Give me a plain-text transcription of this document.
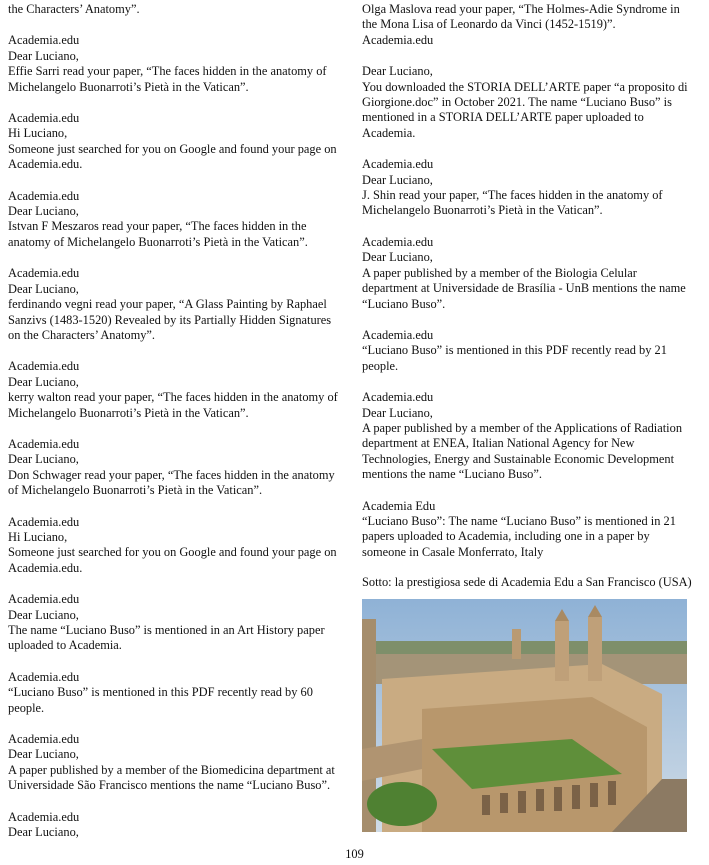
the Characters’ Anatomy”.

Academia.edu

Dear Luciano,

Effie Sarri read your paper, “The faces hidden in the anatomy of Michelangelo Buonarroti’s Pietà in the Vatican”.

Academia.edu

Hi Luciano,

Someone just searched for you on Google and found your page on Academia.edu.

Academia.edu

Dear Luciano,

Istvan F Meszaros read your paper, “The faces hidden in the anatomy of Michelangelo Buonarroti’s Pietà in the Vatican”.

Academia.edu

Dear Luciano,

ferdinando vegni read your paper, “A Glass Painting by Raphael Sanzivs (1483-1520) Revealed by its Partially Hidden Signatures on the Characters’ Anatomy”.

Academia.edu

Dear Luciano,

kerry walton read your paper, “The faces hidden in the anatomy of Michelangelo Buonarroti’s Pietà in the Vatican”.

Academia.edu

Dear Luciano,

Don Schwager read your paper, “The faces hidden in the anatomy of Michelangelo Buonarroti’s Pietà in the Vatican”.

Academia.edu

Hi Luciano,

Someone just searched for you on Google and found your page on Academia.edu.

Academia.edu

Dear Luciano,

The name “Luciano Buso” is mentioned in an Art History paper uploaded to Academia.

Academia.edu

“Luciano Buso” is mentioned in this PDF recently read by 60 people.

Academia.edu

Dear Luciano,

A paper published by a member of the Biomedicina department at Universidade São Francisco mentions the name “Luciano Buso”.

Academia.edu

Dear Luciano,

Olga Maslova read your paper, “The Holmes-Adie Syndrome in the Mona Lisa of Leonardo da Vinci (1452-1519)”.

Academia.edu

Dear Luciano,

You downloaded the STORIA DELL’ARTE paper “a proposito di Giorgione.doc” in October 2021. The name “Luciano Buso” is mentioned in a STORIA DELL’ARTE paper uploaded to Academia.

Academia.edu

Dear Luciano,

J. Shin read your paper, “The faces hidden in the anatomy of Michelangelo Buonarroti’s Pietà in the Vatican”.

Academia.edu

Dear Luciano,

A paper published by a member of the Biologia Celular department at Universidade de Brasília - UnB mentions the name “Luciano Buso”.

Academia.edu

“Luciano Buso” is mentioned in this PDF recently read by 21 people.

Academia.edu

Dear Luciano,

A paper published by a member of the Applications of Radiation department at ENEA, Italian National Agency for New Technologies, Energy and Sustainable Economic Development mentions the name “Luciano Buso”.

Academia Edu

“Luciano Buso”: The name “Luciano Buso” is mentioned in 21 papers uploaded to Academia, including one in a paper by someone in Casale Monferrato, Italy

Sotto: la prestigiosa sede di Academia Edu a San Francisco (USA)
109
